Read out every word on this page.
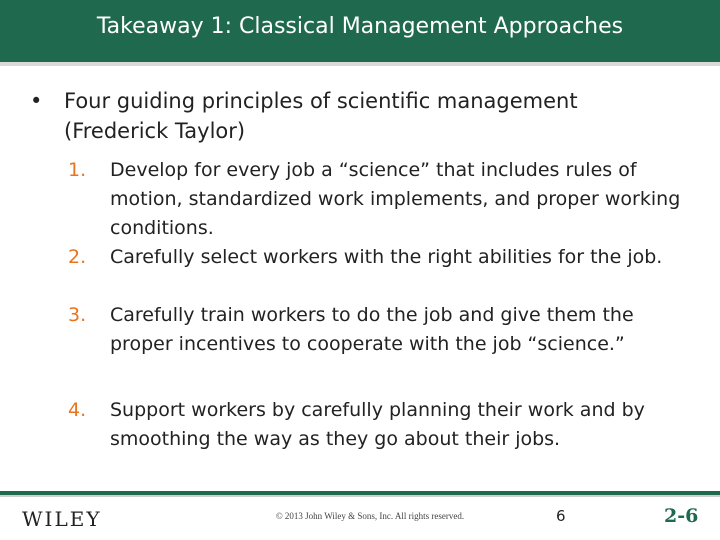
Takeaway 1: Classical Management Approaches
• Four guiding principles of scientific management (Frederick Taylor)
1.	Develop for every job a “science” that includes rules of motion, standardized work implements, and proper working conditions.
2.	Carefully select workers with the right abilities for the job.
3.	Carefully train workers to do the job and give them the proper incentives to cooperate with the job “science.”
4.	Support workers by carefully planning their work and by smoothing the way as they go about their jobs.
WILEY	© 2013 John Wiley & Sons, Inc. All rights reserved.	6	2-6
